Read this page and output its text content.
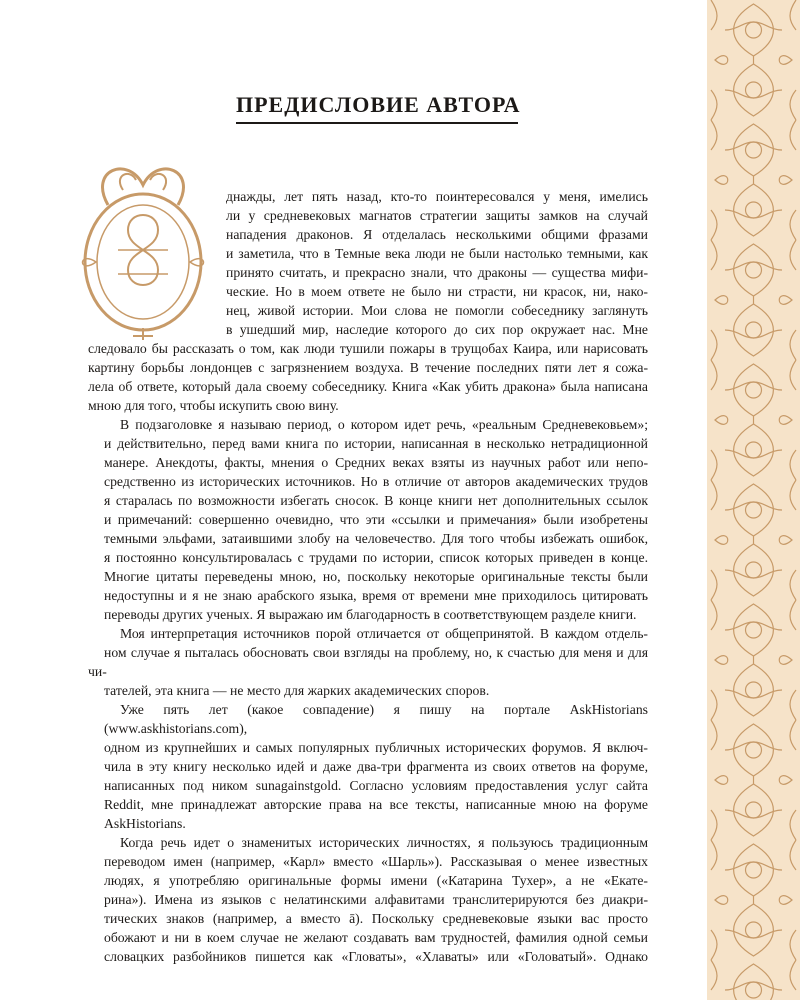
ПРЕДИСЛОВИЕ АВТОРА
О

днажды, лет пять назад, кто-то поинтересовался у меня, имелись
ли у средневековых магнатов стратегии защиты замков на случай
нападения драконов. Я отделалась несколькими общими фразами
и заметила, что в Темные века люди не были настолько темными, как
принято считать, и прекрасно знали, что драконы — существа мифи-
ческие. Но в моем ответе не было ни страсти, ни красок, ни, нако-
нец, живой истории. Мои слова не помогли собеседнику заглянуть
в ушедший мир, наследие которого до сих пор окружает нас. Мне
следовало бы рассказать о том, как люди тушили пожары в трущобах Каира, или нарисовать
картину борьбы лондонцев с загрязнением воздуха. В течение последних пяти лет я сожа-
лела об ответе, который дала своему собеседнику. Книга «Как убить дракона» была написана
мною для того, чтобы искупить свою вину.

В подзаголовке я называю период, о котором идет речь, «реальным Средневековьем»;
и действительно, перед вами книга по истории, написанная в несколько нетрадиционной
манере. Анекдоты, факты, мнения о Средних веках взяты из научных работ или непо-
средственно из исторических источников. Но в отличие от авторов академических трудов
я старалась по возможности избегать сносок. В конце книги нет дополнительных ссылок
и примечаний: совершенно очевидно, что эти «ссылки и примечания» были изобретены
темными эльфами, затаившими злобу на человечество. Для того чтобы избежать ошибок,
я постоянно консультировалась с трудами по истории, список которых приведен в конце.
Многие цитаты переведены мною, но, поскольку некоторые оригинальные тексты были
недоступны и я не знаю арабского языка, время от времени мне приходилось цитировать
переводы других ученых. Я выражаю им благодарность в соответствующем разделе книги.

Моя интерпретация источников порой отличается от общепринятой. В каждом отдель-
ном случае я пыталась обосновать свои взгляды на проблему, но, к счастью для меня и для чи-
тателей, эта книга — не место для жарких академических споров.

Уже пять лет (какое совпадение) я пишу на портале AskHistorians (www.askhistorians.com),
одном из крупнейших и самых популярных публичных исторических форумов. Я включ-
чила в эту книгу несколько идей и даже два-три фрагмента из своих ответов на форуме,
написанных под ником sunagainstgold. Согласно условиям предоставления услуг сайта
Reddit, мне принадлежат авторские права на все тексты, написанные мною на форуме
AskHistorians.

Когда речь идет о знаменитых исторических личностях, я пользуюсь традиционным
переводом имен (например, «Карл» вместо «Шарль»). Рассказывая о менее известных
людях, я употребляю оригинальные формы имени («Катарина Тухер», а не «Екате-
рина»). Имена из языков с нелатинскими алфавитами транслитерируются без диакри-
тических знаков (например, а вместо ā). Поскольку средневековые языки вас просто
обожают и ни в коем случае не желают создавать вам трудностей, фамилия одной семьи
словацких разбойников пишется как «Гловаты», «Хлаваты» или «Головатый». Однако
